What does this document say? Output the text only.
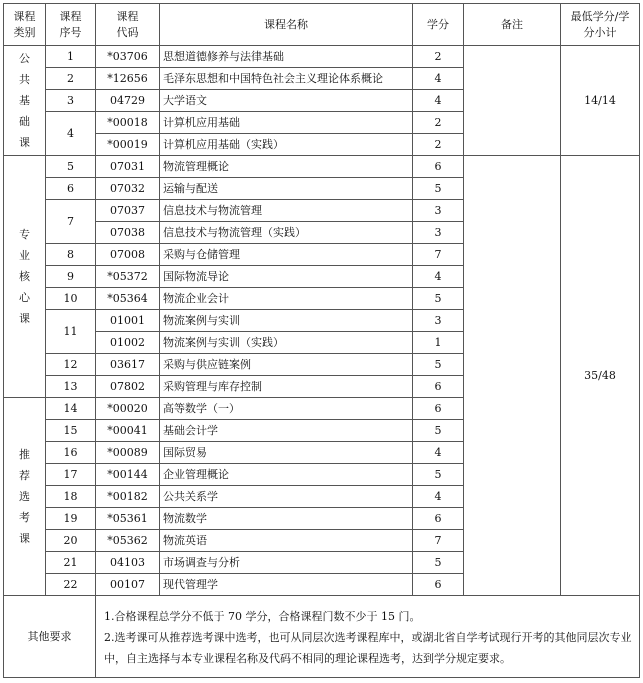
课程类别	课程序号	课程代码	课程名称	学分	备注	最低学分/学分小计
公共基础课	1	*03706	思想道德修养与法律基础	2		14/14
	2	*12656	毛泽东思想和中国特色社会主义理论体系概论	4		
	3	04729	大学语文	4		
	4	*00018	计算机应用基础	2		
		*00019	计算机应用基础（实践）	2		
专业核心课	5	07031	物流管理概论	6		35/48
	6	07032	运输与配送	5		
	7	07037	信息技术与物流管理	3		
		07038	信息技术与物流管理（实践）	3		
	8	07008	采购与仓储管理	7		
	9	*05372	国际物流导论	4		
	10	*05364	物流企业会计	5		
	11	01001	物流案例与实训	3		
		01002	物流案例与实训（实践）	1		
	12	03617	采购与供应链案例	5		
	13	07802	采购管理与库存控制	6		
推荐选考课	14	*00020	高等数学（一）	6		
	15	*00041	基础会计学	5		
	16	*00089	国际贸易	4		
	17	*00144	企业管理概论	5		
	18	*00182	公共关系学	4		
	19	*05361	物流数学	6		
	20	*05362	物流英语	7		
	21	04103	市场调查与分析	5		
	22	00107	现代管理学	6		
其他要求		1.合格课程总学分不低于 70 学分，合格课程门数不少于 15 门。
2.选考课可从推荐选考课中选考，也可从同层次选考课程库中，或湖北省自学考试现行开考的其他同层次专业中，自主选择与本专业课程名称及代码不相同的理论课程选考，达到学分规定要求。				
